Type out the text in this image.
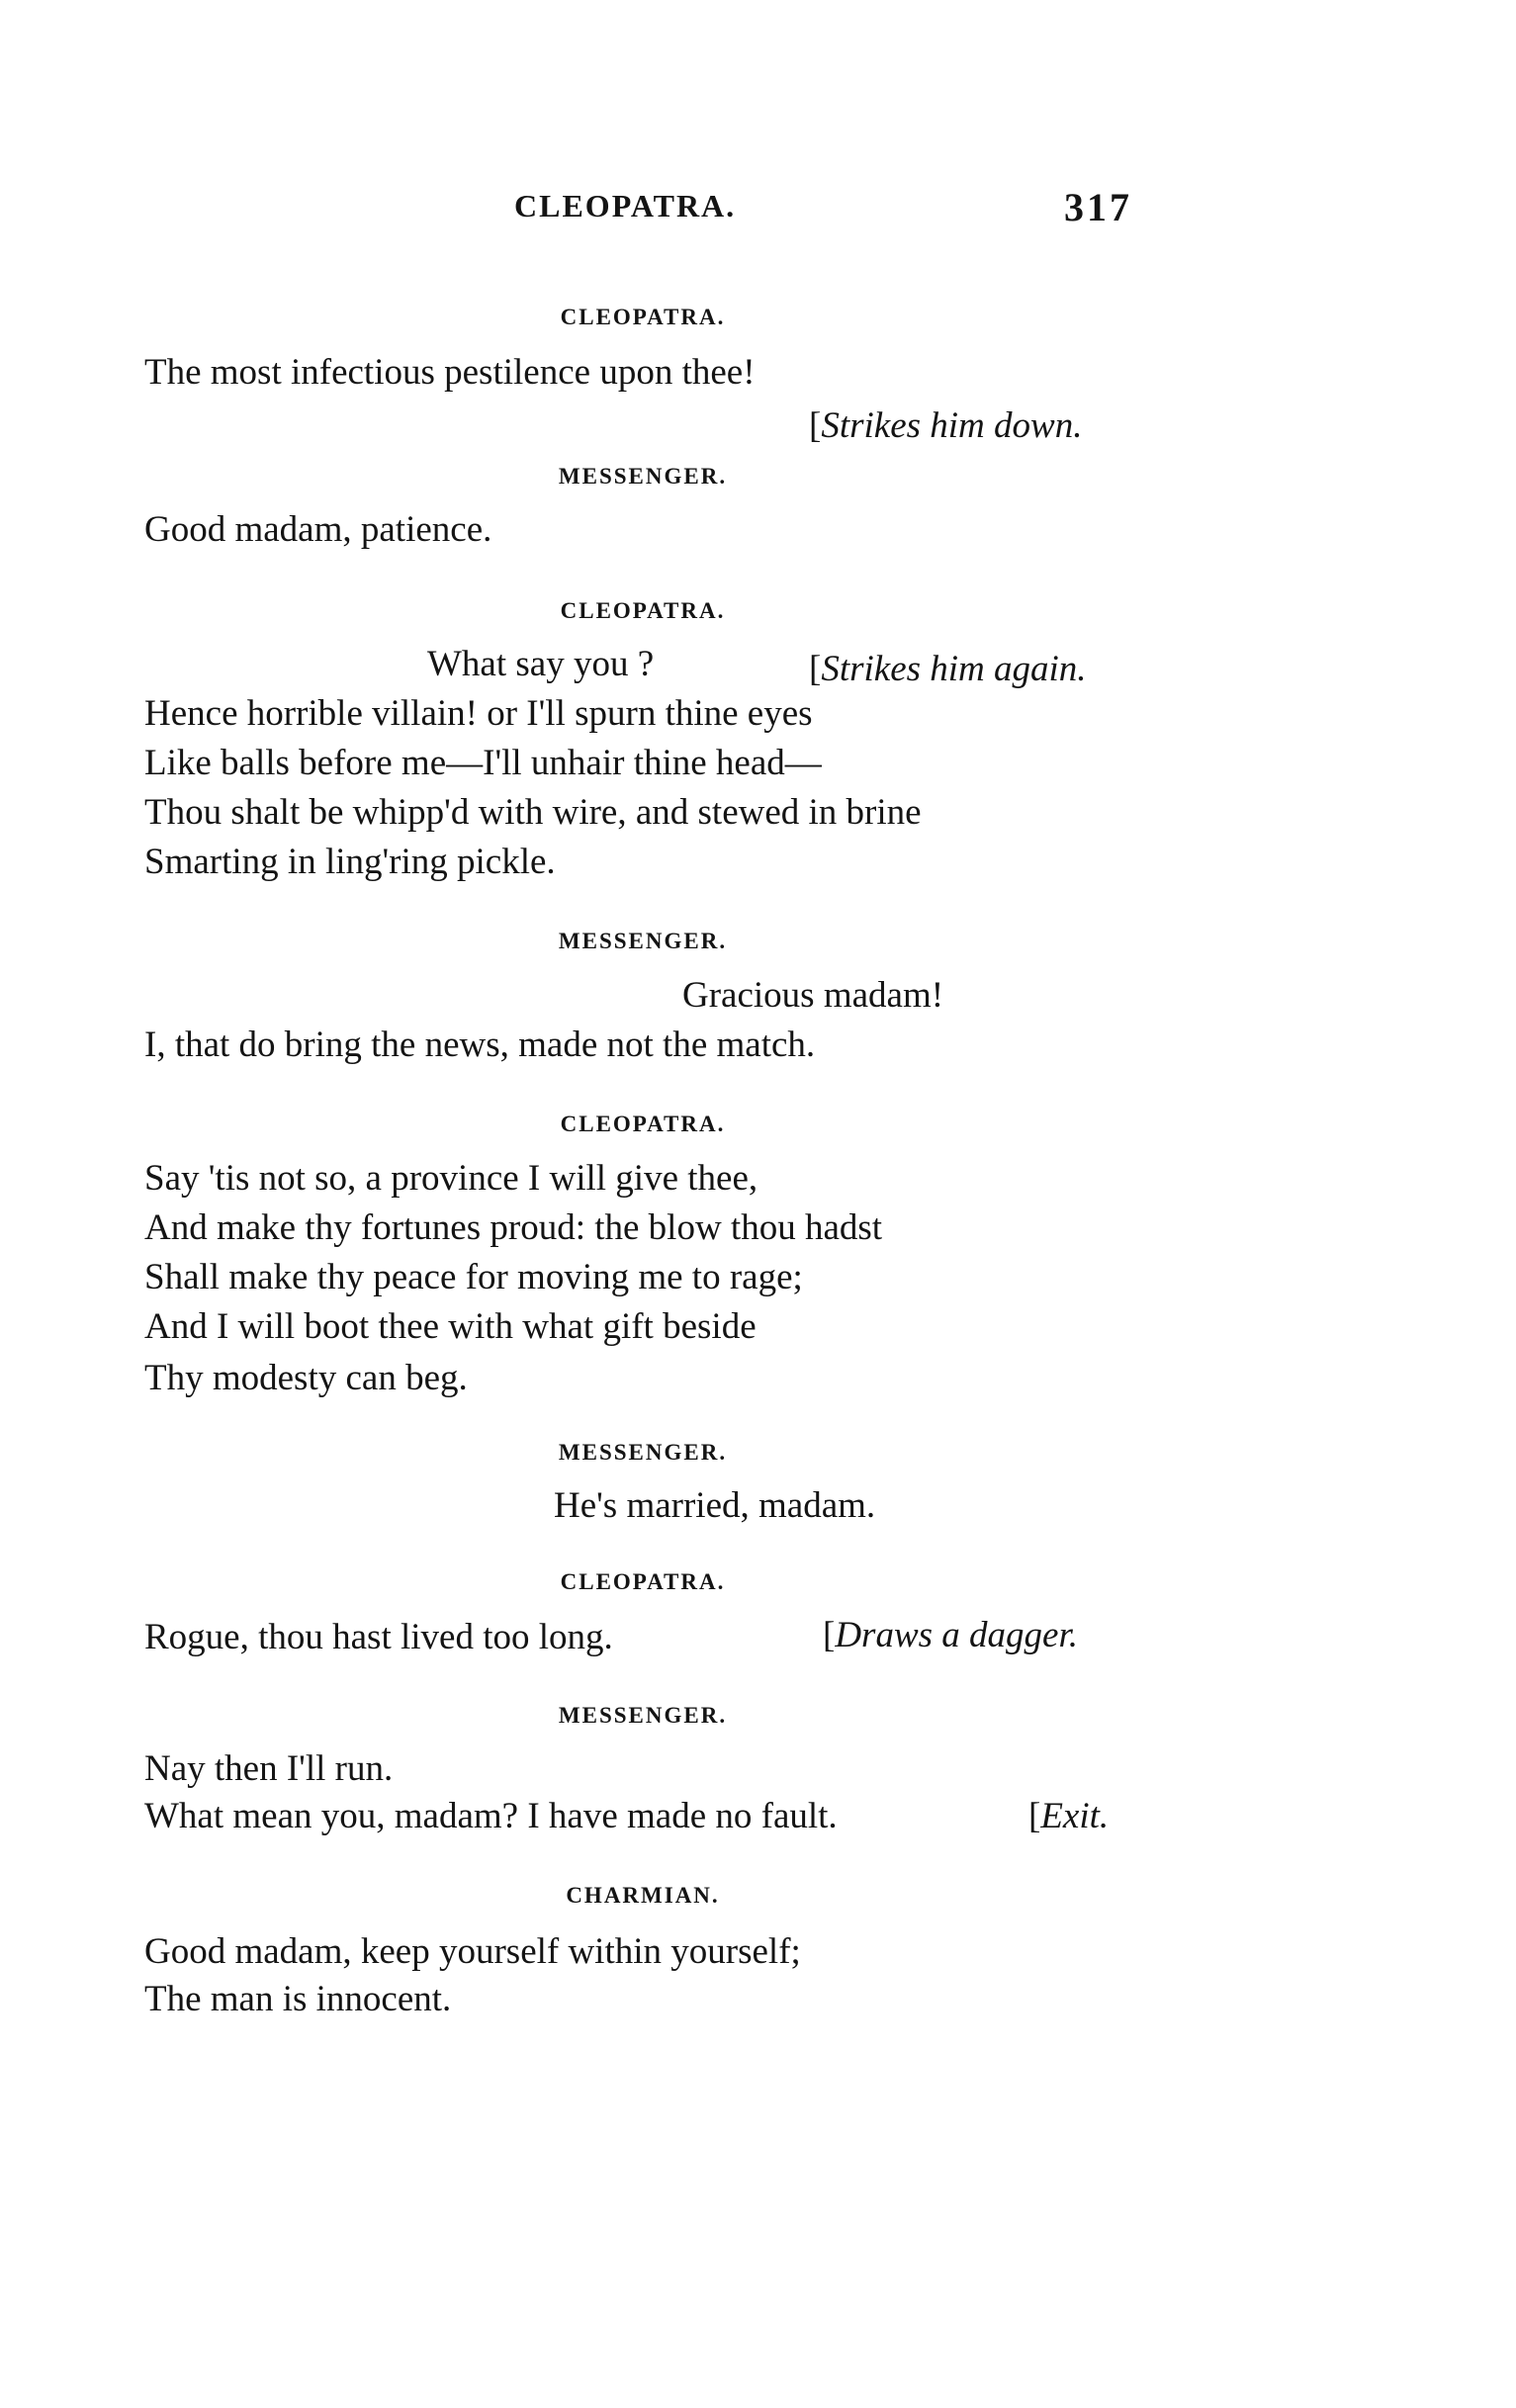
CLEOPATRA.	317
CLEOPATRA.
The most infectious pestilence upon thee!
[Strikes him down.
MESSENGER.
Good madam, patience.
CLEOPATRA.
What say you ?	[Strikes him again.
Hence horrible villain! or I'll spurn thine eyes
Like balls before me—I'll unhair thine head—
Thou shalt be whipp'd with wire, and stewed in brine
Smarting in ling'ring pickle.
MESSENGER.
Gracious madam!
I, that do bring the news, made not the match.
CLEOPATRA.
Say 'tis not so, a province I will give thee,
And make thy fortunes proud: the blow thou hadst
Shall make thy peace for moving me to rage;
And I will boot thee with what gift beside
Thy modesty can beg.
MESSENGER.
He's married, madam.
CLEOPATRA.
Rogue, thou hast lived too long.	[Draws a dagger.
MESSENGER.
Nay then I'll run.
What mean you, madam? I have made no fault.	[Exit.
CHARMIAN.
Good madam, keep yourself within yourself;
The man is innocent.
